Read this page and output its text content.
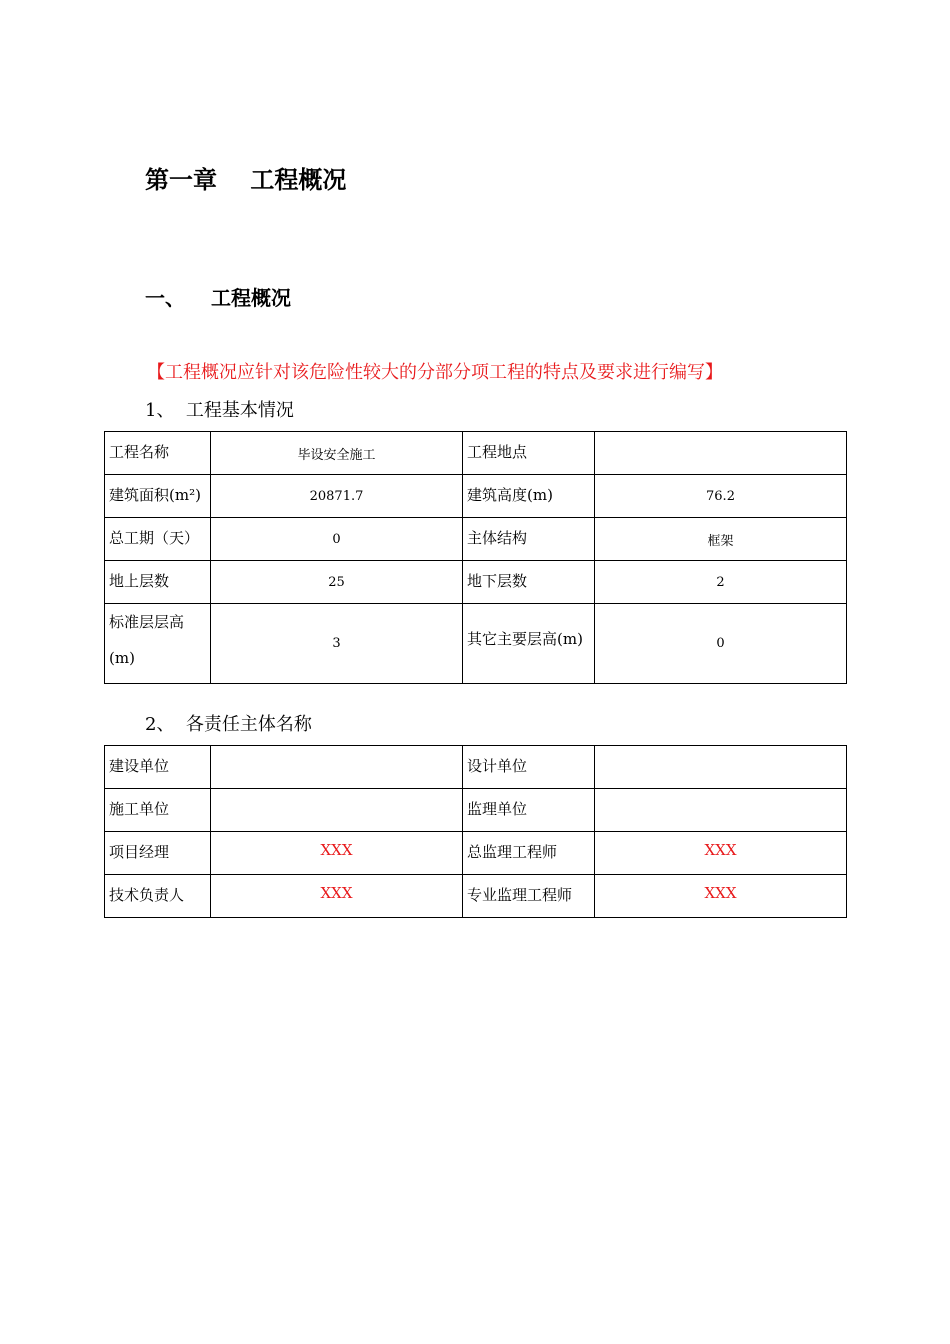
第一章 工程概况
一、 工程概况
【工程概况应针对该危险性较大的分部分项工程的特点及要求进行编写】
1、  工程基本情况
工程名称	毕设安全施工	工程地点	
建筑面积(m²)	20871.7	建筑高度(m)	76.2
总工期（天）	0	主体结构	框架
地上层数	25	地下层数	2
标准层层高(m)	3	其它主要层高(m)	0
2、  各责任主体名称
建设单位		设计单位	
施工单位		监理单位	
项目经理	XXX	总监理工程师	XXX
技术负责人	XXX	专业监理工程师	XXX
